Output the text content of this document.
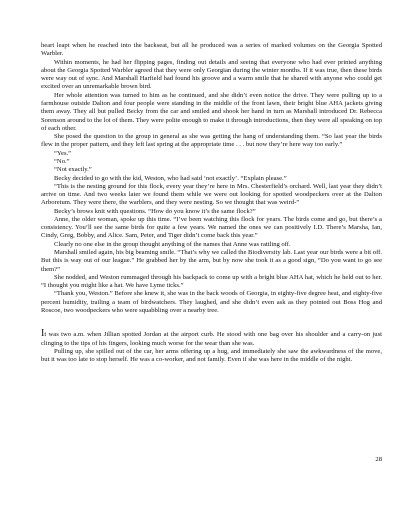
heart leapt when he reached into the backseat, but all he produced was a series of marked volumes on the Georgia Spotted Warbler.

Within moments, he had her flipping pages, finding out details and seeing that everyone who had ever printed anything about the Georgia Spotted Warbler agreed that they were only Georgian during the winter months. If it was true, then these birds were way out of sync. And Marshall Harfield had found his groove and a warm smile that he shared with anyone who could get excited over an unremarkable brown bird.

Her whole attention was turned to him as he continued, and she didn’t even notice the drive. They were pulling up to a farmhouse outside Dalton and four people were standing in the middle of the front lawn, their bright blue AHA jackets giving them away. They all but pulled Becky from the car and smiled and shook her hand in turn as Marshall introduced Dr. Rebecca Sorenson around to the lot of them. They were polite enough to make it through introductions, then they were all speaking on top of each other.

She posed the question to the group in general as she was getting the hang of understanding them. “So last year the birds flew in the proper pattern, and they left last spring at the appropriate time . . . but now they’re here way too early.”

“Yes.”

“No.”

“Not exactly.”

Becky decided to go with the kid, Weston, who had said ‘not exactly’. “Explain please.”

“This is the nesting ground for this flock, every year they’re here in Mrs. Chesterfield’s orchard. Well, last year they didn’t arrive on time. And two weeks later we found them while we were out looking for spotted woodpeckers over at the Dalton Arboretum. They were there, the warblers, and they were nesting. So we thought that was weird-”

Becky’s brows knit with questions. “How do you know it’s the same flock?”

Anne, the older woman, spoke up this time. “I’ve been watching this flock for years. The birds come and go, but there’s a consistency. You’ll see the same birds for quite a few years. We named the ones we can positively I.D. There’s Marsha, Ian, Cindy, Greg, Bobby, and Alice. Sam, Peter, and Tiger didn’t come back this year.”

Clearly no one else in the group thought anything of the names that Anne was rattling off.

Marshall smiled again, his big beaming smile. “That’s why we called the Biodiversity lab. Last year our birds were a bit off. But this is way out of our league.” He grabbed her by the arm, but by now she took it as a good sign, “Do you want to go see them?”

She nodded, and Weston rummaged through his backpack to come up with a bright blue AHA hat, which he held out to her. “I thought you might like a hat. We have Lyme ticks.”

“Thank you, Weston.” Before she knew it, she was in the back woods of Georgia, in eighty-five degree heat, and eighty-five percent humidity, trailing a team of birdwatchers. They laughed, and she didn’t even ask as they pointed out Boss Hog and Roscoe, two woodpeckers who were squabbling over a nearby tree.

It was two a.m. when Jillian spotted Jordan at the airport curb. He stood with one bag over his shoulder and a carry-on just clinging to the tips of his fingers, looking much worse for the wear than she was.

Pulling up, she spilled out of the car, her arms offering up a hug, and immediately she saw the awkwardness of the move, but it was too late to stop herself. He was a co-worker, and not family. Even if she was here in the middle of the night.

28
